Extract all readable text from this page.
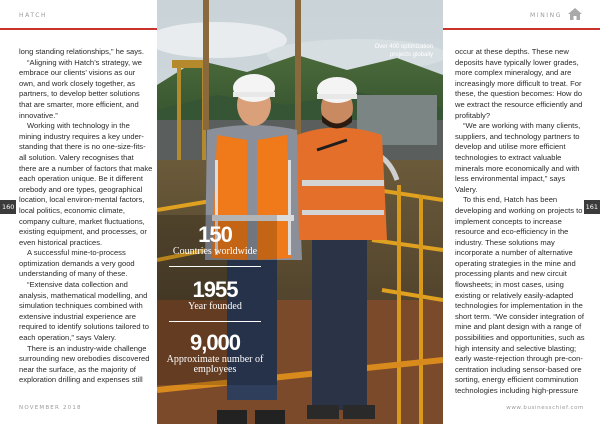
HATCH	MINING

long standing relationships,” he says.

“Aligning with Hatch’s strategy, we embrace our clients’ visions as our own, and work closely together, as partners, to develop better solutions that are smarter, more efficient, and innovative.”

Working with technology in the mining industry requires a key under-standing that there is no one-size-fits-all solution. Valery recognises that there are a number of factors that make each operation unique. Be it different orebody and ore types, geographical location, local environ-mental factors, local politics, economic climate, company culture, market fluctuations, existing equipment, and processes, or even historical practices.

A successful mine-to-process optimization demands a very good understanding of many of these.

“Extensive data collection and analysis, mathematical modelling, and simulation techniques combined with extensive industrial experience are required to identify solutions tailored to each operation,” says Valery.

There is an industry-wide challenge surrounding new orebodies discovered near the surface, as the majority of exploration drilling and expenses still

occur at these depths. These new deposits have typically lower grades, more complex mineralogy, and are increasingly more difficult to treat. For these, the question becomes: How do we extract the resource efficiently and profitably?

“We are working with many clients, suppliers, and technology partners to develop and utilise more efficient technologies to extract valuable minerals more economically and with less environmental impact,” says Valery.

To this end, Hatch has been developing and working on projects to implement concepts to increase resource and eco-efficiency in the industry. These solutions may incorporate a number of alternative operating strategies in the mine and processing plants and new circuit flowsheets; in most cases, using existing or relatively easily-adapted technologies for implementation in the short term. “We consider integration of mine and plant design with a range of possibilities and opportunities, such as high intensity and selective blasting; early waste-rejection through pre-con-centration including sensor-based ore sorting, energy efficient comminution technologies including high-pressure

160	161
Over 400 optimization projects globally
150
Countries worldwide
1955
Year founded
9,000
Approximate number of employees
NOVEMBER 2018	www.businesschief.com
